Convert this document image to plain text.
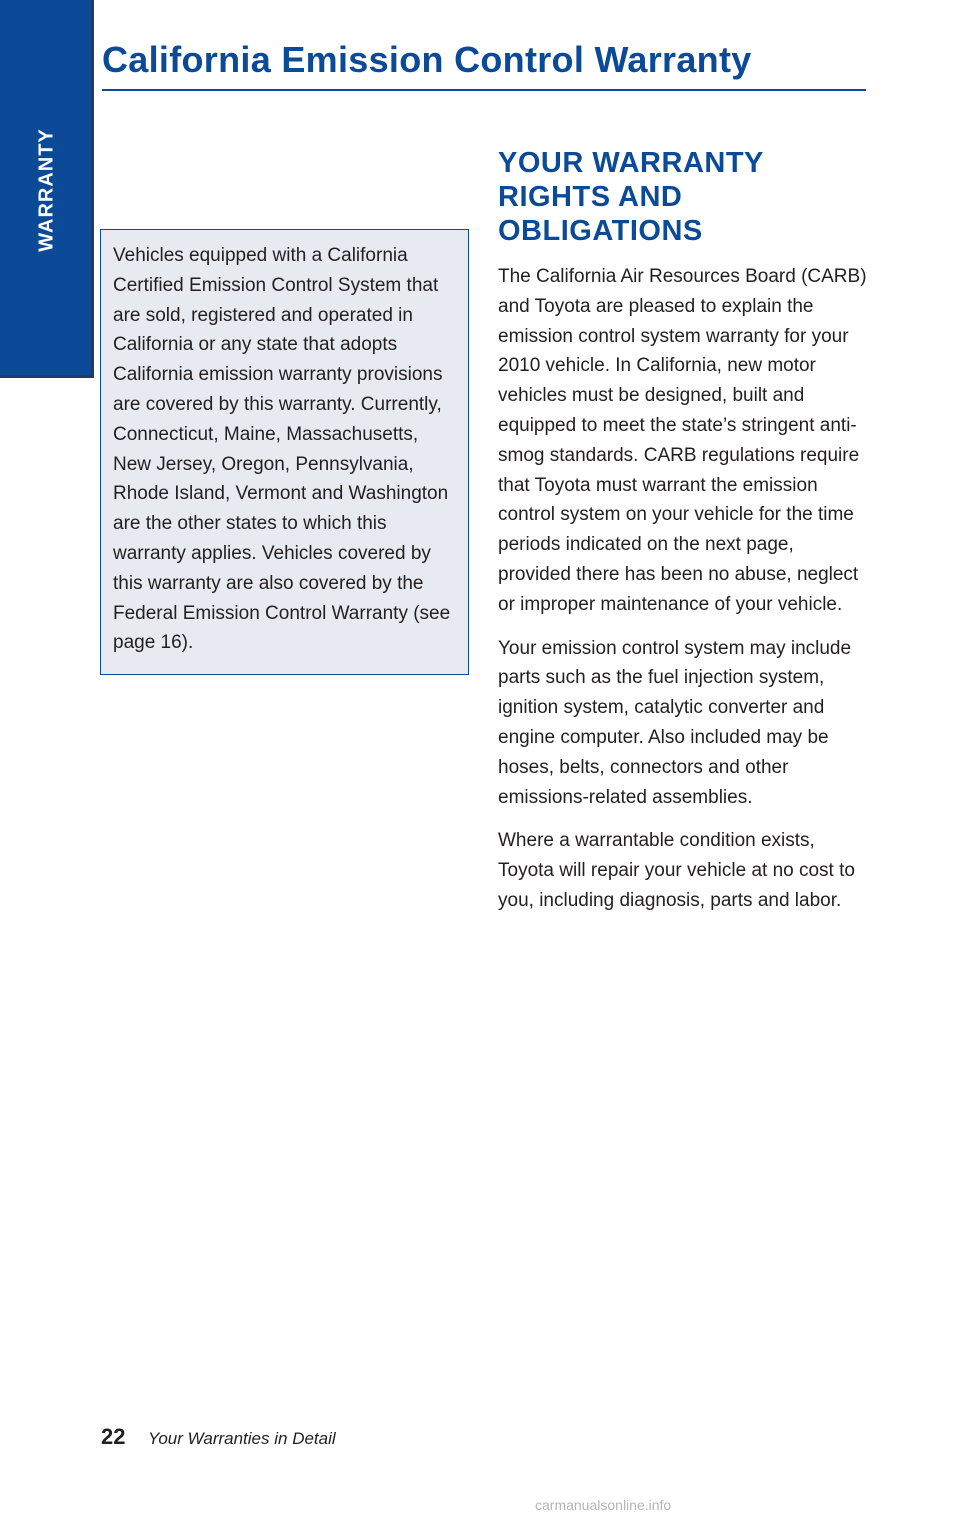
WARRANTY
California Emission Control Warranty

Vehicles equipped with a California Certified Emission Control System that are sold, registered and operated in California or any state that adopts California emission warranty provisions are covered by this warranty. Currently, Connecticut, Maine, Massachusetts, New Jersey, Oregon, Pennsylvania, Rhode Island, Vermont and Washington are the other states to which this warranty applies. Vehicles covered by this warranty are also covered by the Federal Emission Control Warranty (see page 16).

YOUR WARRANTY RIGHTS AND OBLIGATIONS

The California Air Resources Board (CARB) and Toyota are pleased to explain the emission control system warranty for your 2010 vehicle. In California, new motor vehicles must be designed, built and equipped to meet the state’s stringent anti-smog standards. CARB regulations require that Toyota must warrant the emission control system on your vehicle for the time periods indicated on the next page, provided there has been no abuse, neglect or improper maintenance of your vehicle.

Your emission control system may include parts such as the fuel injection system, ignition system, catalytic converter and engine computer. Also included may be hoses, belts, connectors and other emissions-related assemblies.

Where a warrantable condition exists, Toyota will repair your vehicle at no cost to you, including diagnosis, parts and labor.

22 Your Warranties in Detail
carmanualsonline.info
